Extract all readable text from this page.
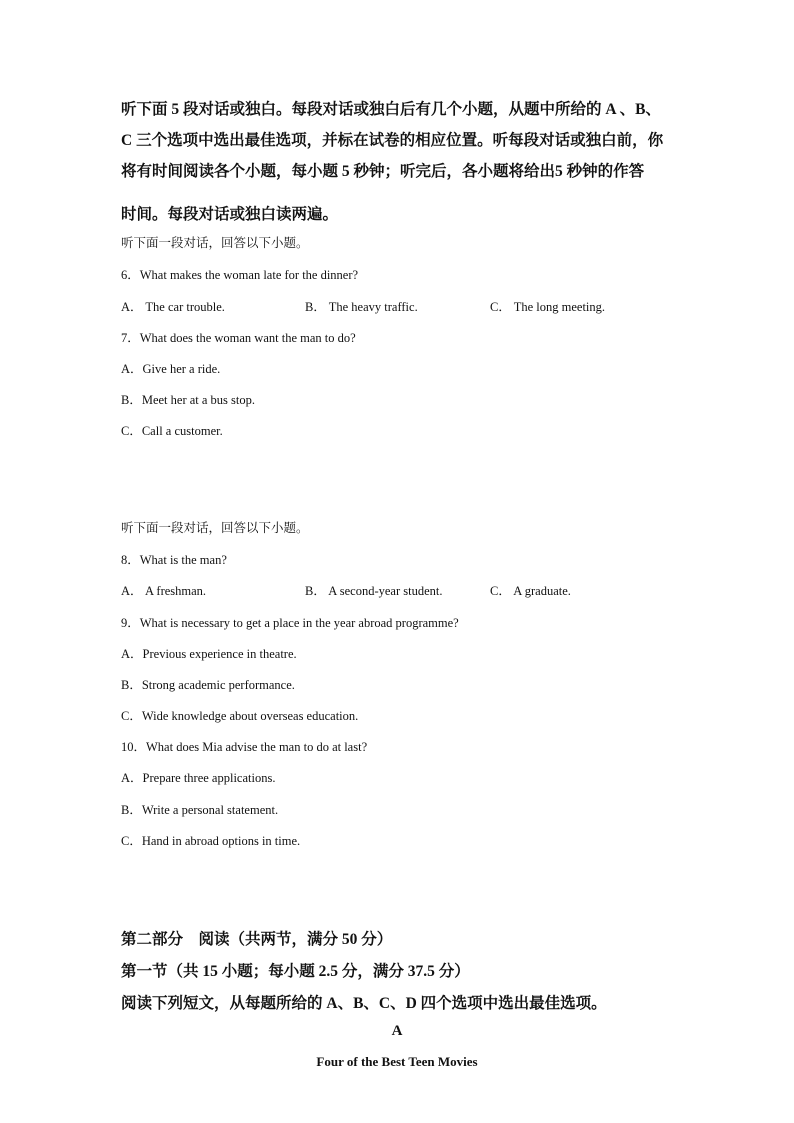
听下面 5 段对话或独白。每段对话或独白后有几个小题，从题中所给的 A 、B、
C 三个选项中选出最佳选项，并标在试卷的相应位置。听每段对话或独白前，你
将有时间阅读各个小题，每小题 5 秒钟；听完后，各小题将给出5 秒钟的作答
时间。每段对话或独白读两遍。
听下面一段对话，回答以下小题。
6．What makes the woman late for the dinner?
A． The car trouble.	B． The heavy traffic.	C． The long meeting.
7．What does the woman want the man to do?
A．Give her a ride.
B．Meet her at a bus stop.
C．Call a customer.
听下面一段对话，回答以下小题。
8．What is the man?
A． A freshman.	B． A second-year student.	C． A graduate.
9．What is necessary to get a place in the year abroad programme?
A．Previous experience in theatre.
B．Strong academic performance.
C．Wide knowledge about overseas education.
10．What does Mia advise the man to do at last?
A．Prepare three applications.
B．Write a personal statement.
C．Hand in abroad options in time.
第二部分　阅读（共两节，满分 50 分）
第一节（共 15 小题；每小题 2.5 分，满分 37.5 分）
阅读下列短文，从每题所给的 A、B、C、D 四个选项中选出最佳选项。
A
Four of the Best Teen Movies
